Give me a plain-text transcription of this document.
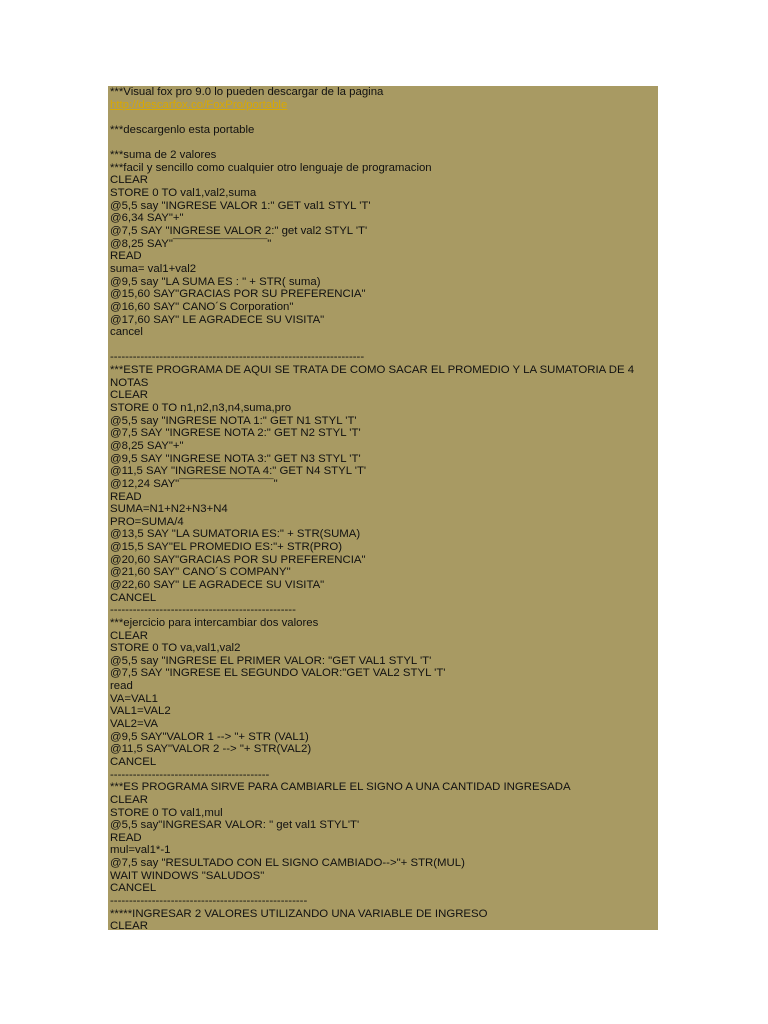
***Visual fox pro 9.0 lo pueden descargar de la pagina
http://descarfox.co/FoxPro/portable
***descargenlo esta portable
***suma de 2 valores
***facil y sencillo como cualquier otro lenguaje de programacion
CLEAR
STORE 0 TO val1,val2,suma
@5,5 say "INGRESE VALOR 1:" GET val1 STYL 'T'
@6,34 SAY"+"
@7,5 SAY "INGRESE VALOR 2:" get val2 STYL 'T'
@8,25 SAY"¯¯¯¯¯¯¯¯¯¯¯¯¯¯¯"
READ
suma= val1+val2
@9,5 say "LA SUMA ES : " + STR( suma)
@15,60 SAY"GRACIAS POR SU PREFERENCIA"
@16,60 SAY" CANO´S Corporation"
@17,60 SAY" LE AGRADECE SU VISITA"
cancel
-------------------------------------------------------------------
***ESTE PROGRAMA DE AQUI SE TRATA DE COMO SACAR EL PROMEDIO Y LA SUMATORIA DE 4
NOTAS
CLEAR
STORE 0 TO n1,n2,n3,n4,suma,pro
@5,5 say "INGRESE NOTA 1:" GET N1 STYL 'T'
@7,5 SAY "INGRESE NOTA 2:" GET N2 STYL 'T'
@8,25 SAY"+"
@9,5 SAY "INGRESE NOTA 3:" GET N3 STYL 'T'
@11,5 SAY "INGRESE NOTA 4:" GET N4 STYL 'T'
@12,24 SAY"¯¯¯¯¯¯¯¯¯¯¯¯¯¯¯"
READ
SUMA=N1+N2+N3+N4
PRO=SUMA/4
@13,5 SAY "LA SUMATORIA ES:" + STR(SUMA)
@15,5 SAY"EL PROMEDIO ES:"+ STR(PRO)
@20,60 SAY"GRACIAS POR SU PREFERENCIA"
@21,60 SAY" CANO´S COMPANY"
@22,60 SAY" LE AGRADECE SU VISITA"
CANCEL
-------------------------------------------------
***ejercicio para intercambiar dos valores
CLEAR
STORE 0 TO va,val1,val2
@5,5 say "INGRESE EL PRIMER VALOR: "GET VAL1 STYL 'T'
@7,5 SAY "INGRESE EL SEGUNDO VALOR:"GET VAL2 STYL 'T'
read
VA=VAL1
VAL1=VAL2
VAL2=VA
@9,5 SAY"VALOR 1 --> "+ STR (VAL1)
@11,5 SAY"VALOR 2 --> "+ STR(VAL2)
CANCEL
------------------------------------------
***ES PROGRAMA SIRVE PARA CAMBIARLE EL SIGNO A UNA CANTIDAD INGRESADA
CLEAR
STORE 0 TO val1,mul
@5,5 say"INGRESAR VALOR: " get val1 STYL'T'
READ
mul=val1*-1
@7,5 say "RESULTADO CON EL SIGNO CAMBIADO-->"+ STR(MUL)
WAIT WINDOWS "SALUDOS"
CANCEL
----------------------------------------------------
*****INGRESAR 2 VALORES UTILIZANDO UNA VARIABLE DE INGRESO
CLEAR
